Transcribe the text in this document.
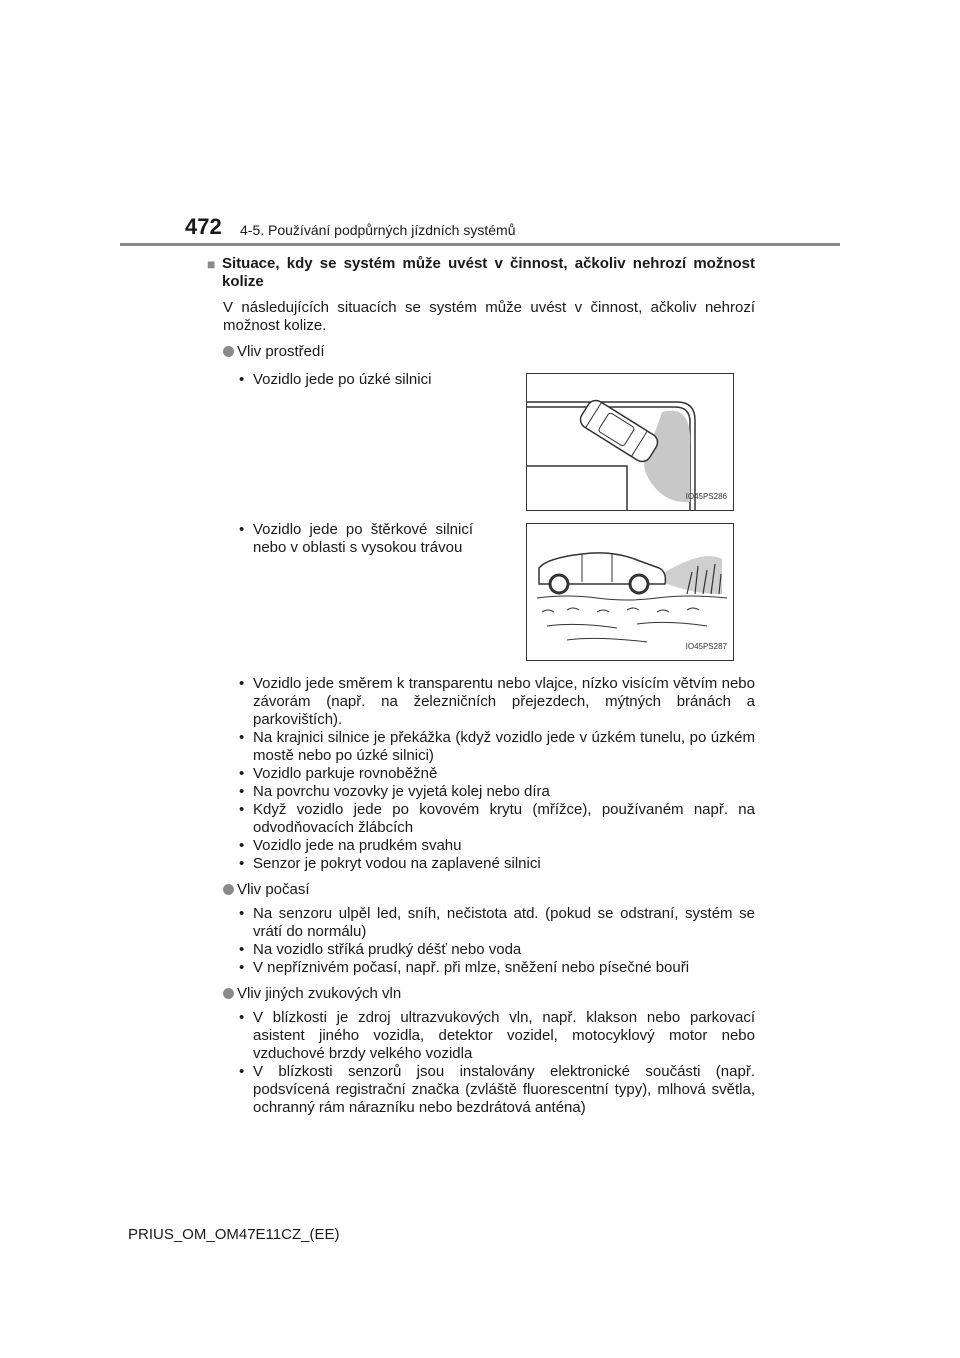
472 4-5. Používání podpůrných jízdních systémů
■ Situace, kdy se systém může uvést v činnost, ačkoliv nehrozí možnost kolize
V následujících situacích se systém může uvést v činnost, ačkoliv nehrozí možnost kolize.
Vliv prostředí
• Vozidlo jede po úzké silnici
IO45PS286
• Vozidlo jede po štěrkové silnicí nebo v oblasti s vysokou trávou
IO45PS287
• Vozidlo jede směrem k transparentu nebo vlajce, nízko visícím větvím nebo závorám (např. na železničních přejezdech, mýtných bránách a parkovištích).
• Na krajnici silnice je překážka (když vozidlo jede v úzkém tunelu, po úzkém mostě nebo po úzké silnici)
• Vozidlo parkuje rovnoběžně
• Na povrchu vozovky je vyjetá kolej nebo díra
• Když vozidlo jede po kovovém krytu (mřížce), používaném např. na odvodňovacích žlábcích
• Vozidlo jede na prudkém svahu
• Senzor je pokryt vodou na zaplavené silnici
Vliv počasí
• Na senzoru ulpěl led, sníh, nečistota atd. (pokud se odstraní, systém se vrátí do normálu)
• Na vozidlo stříká prudký déšť nebo voda
• V nepříznivém počasí, např. při mlze, sněžení nebo písečné bouři
Vliv jiných zvukových vln
• V blízkosti je zdroj ultrazvukových vln, např. klakson nebo parkovací asistent jiného vozidla, detektor vozidel, motocyklový motor nebo vzduchové brzdy velkého vozidla
• V blízkosti senzorů jsou instalovány elektronické součásti (např. podsvícená registrační značka (zvláště fluorescentní typy), mlhová světla, ochranný rám nárazníku nebo bezdrátová anténa)
PRIUS_OM_OM47E11CZ_(EE)
